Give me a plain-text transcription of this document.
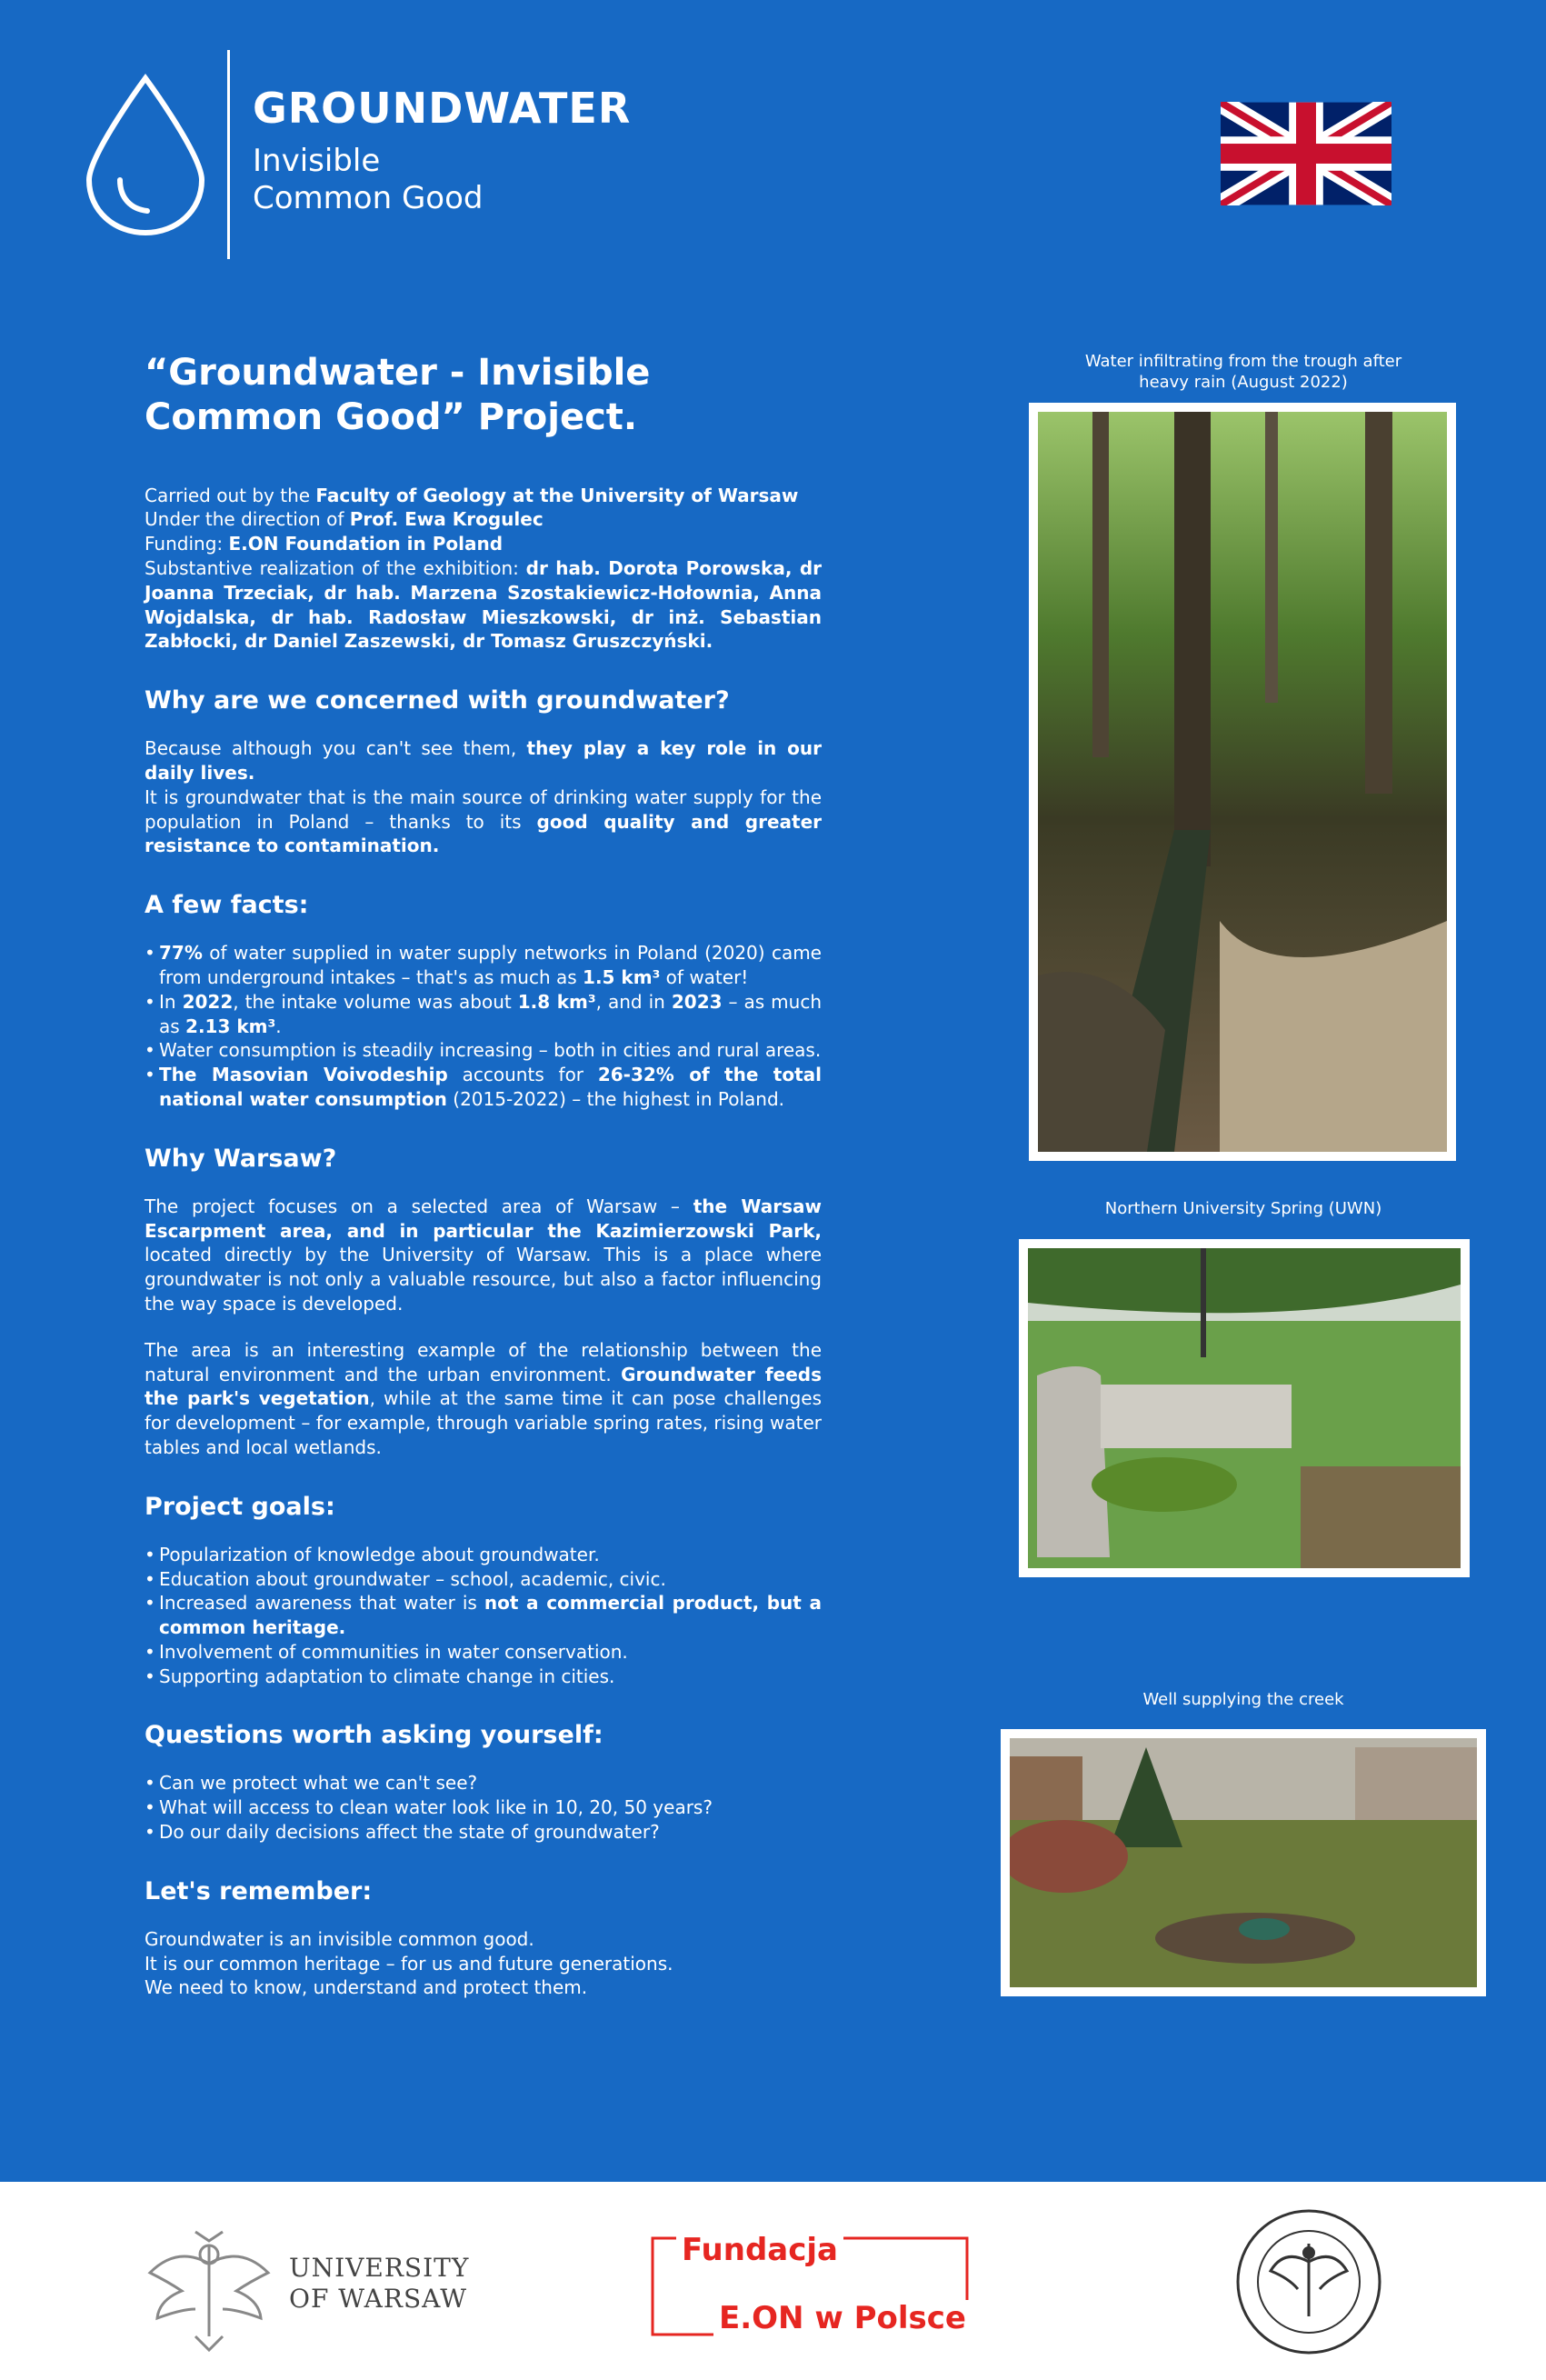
GROUNDWATER
Invisible
Common Good
“Groundwater - Invisible Common Good” Project.

Carried out by the Faculty of Geology at the University of Warsaw
Under the direction of Prof. Ewa Krogulec
Funding: E.ON Foundation in Poland
Substantive realization of the exhibition: dr hab. Dorota Porowska, dr Joanna Trzeciak, dr hab. Marzena Szostakiewicz-Hołownia, Anna Wojdalska, dr hab. Radosław Mieszkowski, dr inż. Sebastian Zabłocki, dr Daniel Zaszewski, dr Tomasz Gruszczyński.

Why are we concerned with groundwater?

Because although you can't see them, they play a key role in our daily lives.
It is groundwater that is the main source of drinking water supply for the population in Poland – thanks to its good quality and greater resistance to contamination.

A few facts:
• 77% of water supplied in water supply networks in Poland (2020) came from underground intakes – that's as much as 1.5 km³ of water!
• In 2022, the intake volume was about 1.8 km³, and in 2023 – as much as 2.13 km³.
• Water consumption is steadily increasing – both in cities and rural areas.
• The Masovian Voivodeship accounts for 26-32% of the total national water consumption (2015-2022) – the highest in Poland.
Why Warsaw?

The project focuses on a selected area of Warsaw – the Warsaw Escarpment area, and in particular the Kazimierzowski Park, located directly by the University of Warsaw. This is a place where groundwater is not only a valuable resource, but also a factor influencing the way space is developed.

The area is an interesting example of the relationship between the natural environment and the urban environment. Groundwater feeds the park's vegetation, while at the same time it can pose challenges for development – for example, through variable spring rates, rising water tables and local wetlands.

Project goals:
• Popularization of knowledge about groundwater.
• Education about groundwater – school, academic, civic.
• Increased awareness that water is not a commercial product, but a common heritage.
• Involvement of communities in water conservation.
• Supporting adaptation to climate change in cities.
Questions worth asking yourself:
• Can we protect what we can't see?
• What will access to clean water look like in 10, 20, 50 years?
• Do our daily decisions affect the state of groundwater?
Let's remember:

Groundwater is an invisible common good.
It is our common heritage – for us and future generations.
We need to know, understand and protect them.

Water infiltrating from the trough after
heavy rain (August 2022)
Northern University Spring (UWN)
Well supplying the creek
UNIVERSITY
OF WARSAW
Fundacja
E.ON w Polsce
